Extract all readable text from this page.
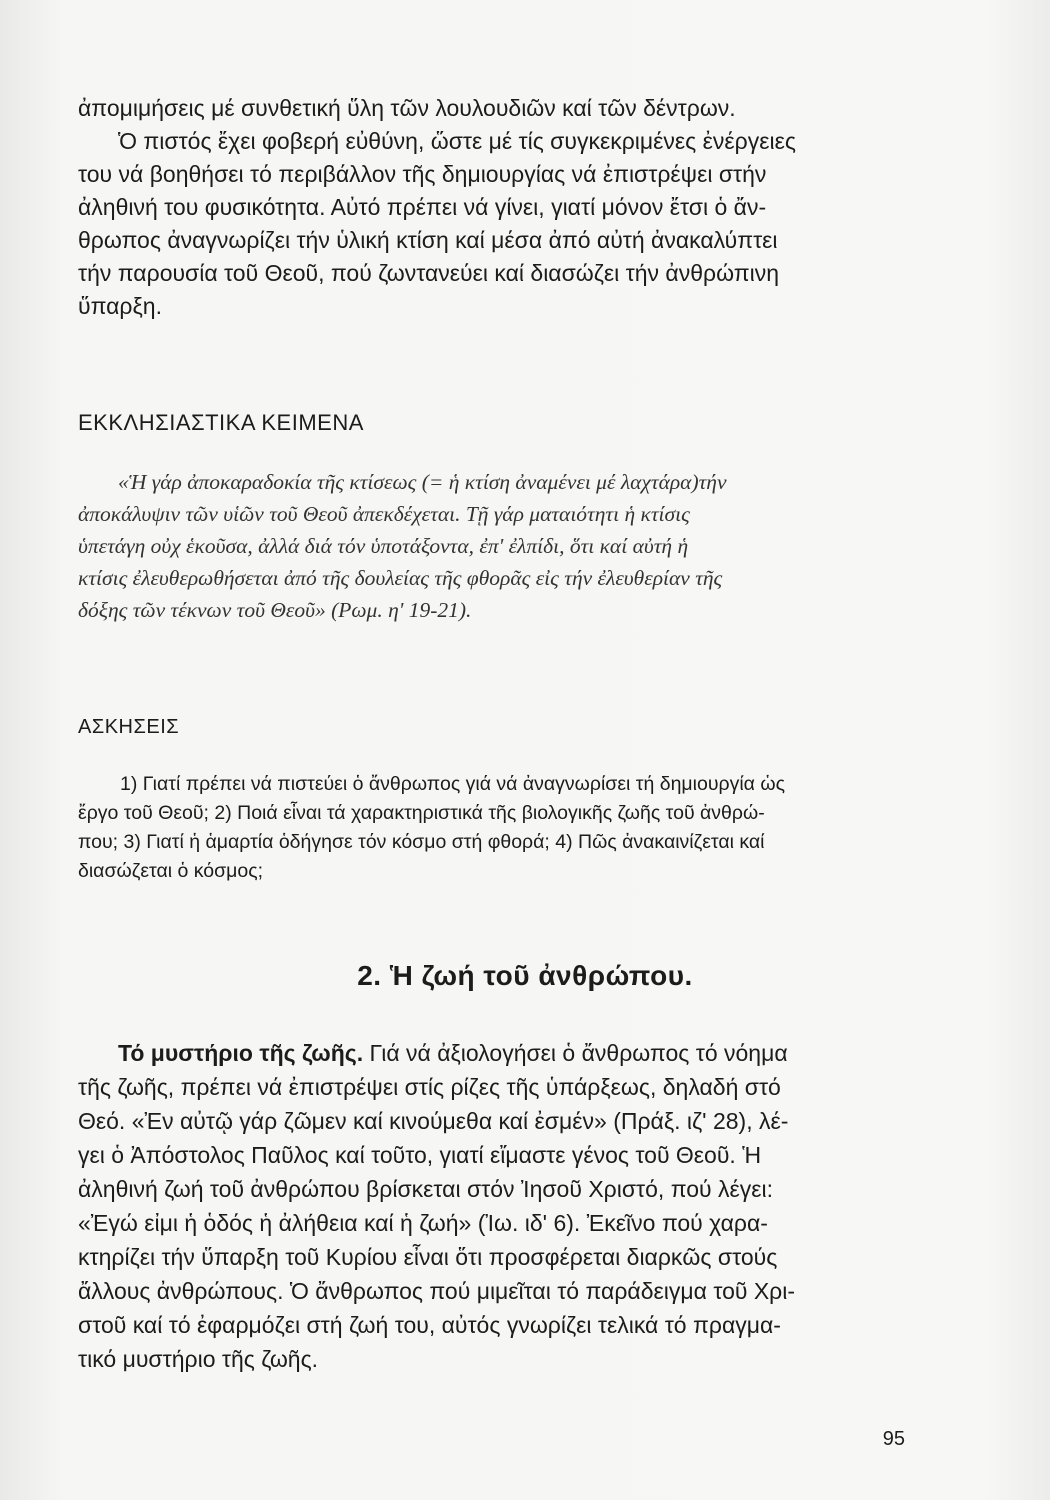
ἀπομιμήσεις μέ συνθετική ὕλη τῶν λουλουδιῶν καί τῶν δέντρων.
Ὁ πιστός ἔχει φοβερή εὐθύνη, ὥστε μέ τίς συγκεκριμένες ἐνέργειες
του νά βοηθήσει τό περιβάλλον τῆς δημιουργίας νά ἐπιστρέψει στήν
ἀληθινή του φυσικότητα. Αὐτό πρέπει νά γίνει, γιατί μόνον ἔτσι ὁ ἄν-
θρωπος ἀναγνωρίζει τήν ὑλική κτίση καί μέσα ἀπό αὐτή ἀνακαλύπτει
τήν παρουσία τοῦ Θεοῦ, πού ζωντανεύει καί διασώζει τήν ἀνθρώπινη
ὕπαρξη.
ΕΚΚΛΗΣΙΑΣΤΙΚΑ ΚΕΙΜΕΝΑ
«Ἡ γάρ ἀποκαραδοκία τῆς κτίσεως (= ἡ κτίση ἀναμένει μέ λαχτάρα)τήν
ἀποκάλυψιν τῶν υἱῶν τοῦ Θεοῦ ἀπεκδέχεται. Τῇ γάρ ματαιότητι ἡ κτίσις
ὑπετάγη οὐχ ἑκοῦσα, ἀλλά διά τόν ὑποτάξοντα, ἐπ' ἐλπίδι, ὅτι καί αὐτή ἡ
κτίσις ἐλευθερωθήσεται ἀπό τῆς δουλείας τῆς φθορᾶς εἰς τήν ἐλευθερίαν τῆς
δόξης τῶν τέκνων τοῦ Θεοῦ» (Ρωμ. η' 19-21).
ΑΣΚΗΣΕΙΣ
1) Γιατί πρέπει νά πιστεύει ὁ ἄνθρωπος γιά νά ἀναγνωρίσει τή δημιουργία ὡς
ἔργο τοῦ Θεοῦ; 2) Ποιά εἶναι τά χαρακτηριστικά τῆς βιολογικῆς ζωῆς τοῦ ἀνθρώ-
που; 3) Γιατί ἡ ἁμαρτία ὁδήγησε τόν κόσμο στή φθορά; 4) Πῶς ἀνακαινίζεται καί
διασώζεται ὁ κόσμος;
2. Ἡ ζωή τοῦ ἀνθρώπου.
Τό μυστήριο τῆς ζωῆς. Γιά νά ἀξιολογήσει ὁ ἄνθρωπος τό νόημα
τῆς ζωῆς, πρέπει νά ἐπιστρέψει στίς ρίζες τῆς ὑπάρξεως, δηλαδή στό
Θεό. «Ἐν αὐτῷ γάρ ζῶμεν καί κινούμεθα καί ἐσμέν» (Πράξ. ιζ' 28), λέ-
γει ὁ Ἀπόστολος Παῦλος καί τοῦτο, γιατί εἴμαστε γένος τοῦ Θεοῦ. Ἡ
ἀληθινή ζωή τοῦ ἀνθρώπου βρίσκεται στόν Ἰησοῦ Χριστό, πού λέγει:
«Ἐγώ εἰμι ἡ ὁδός ἡ ἀλήθεια καί ἡ ζωή» (Ἰω. ιδ' 6). Ἐκεῖνο πού χαρα-
κτηρίζει τήν ὕπαρξη τοῦ Κυρίου εἶναι ὅτι προσφέρεται διαρκῶς στούς
ἄλλους ἀνθρώπους. Ὁ ἄνθρωπος πού μιμεῖται τό παράδειγμα τοῦ Χρι-
στοῦ καί τό ἐφαρμόζει στή ζωή του, αὐτός γνωρίζει τελικά τό πραγμα-
τικό μυστήριο τῆς ζωῆς.
95
